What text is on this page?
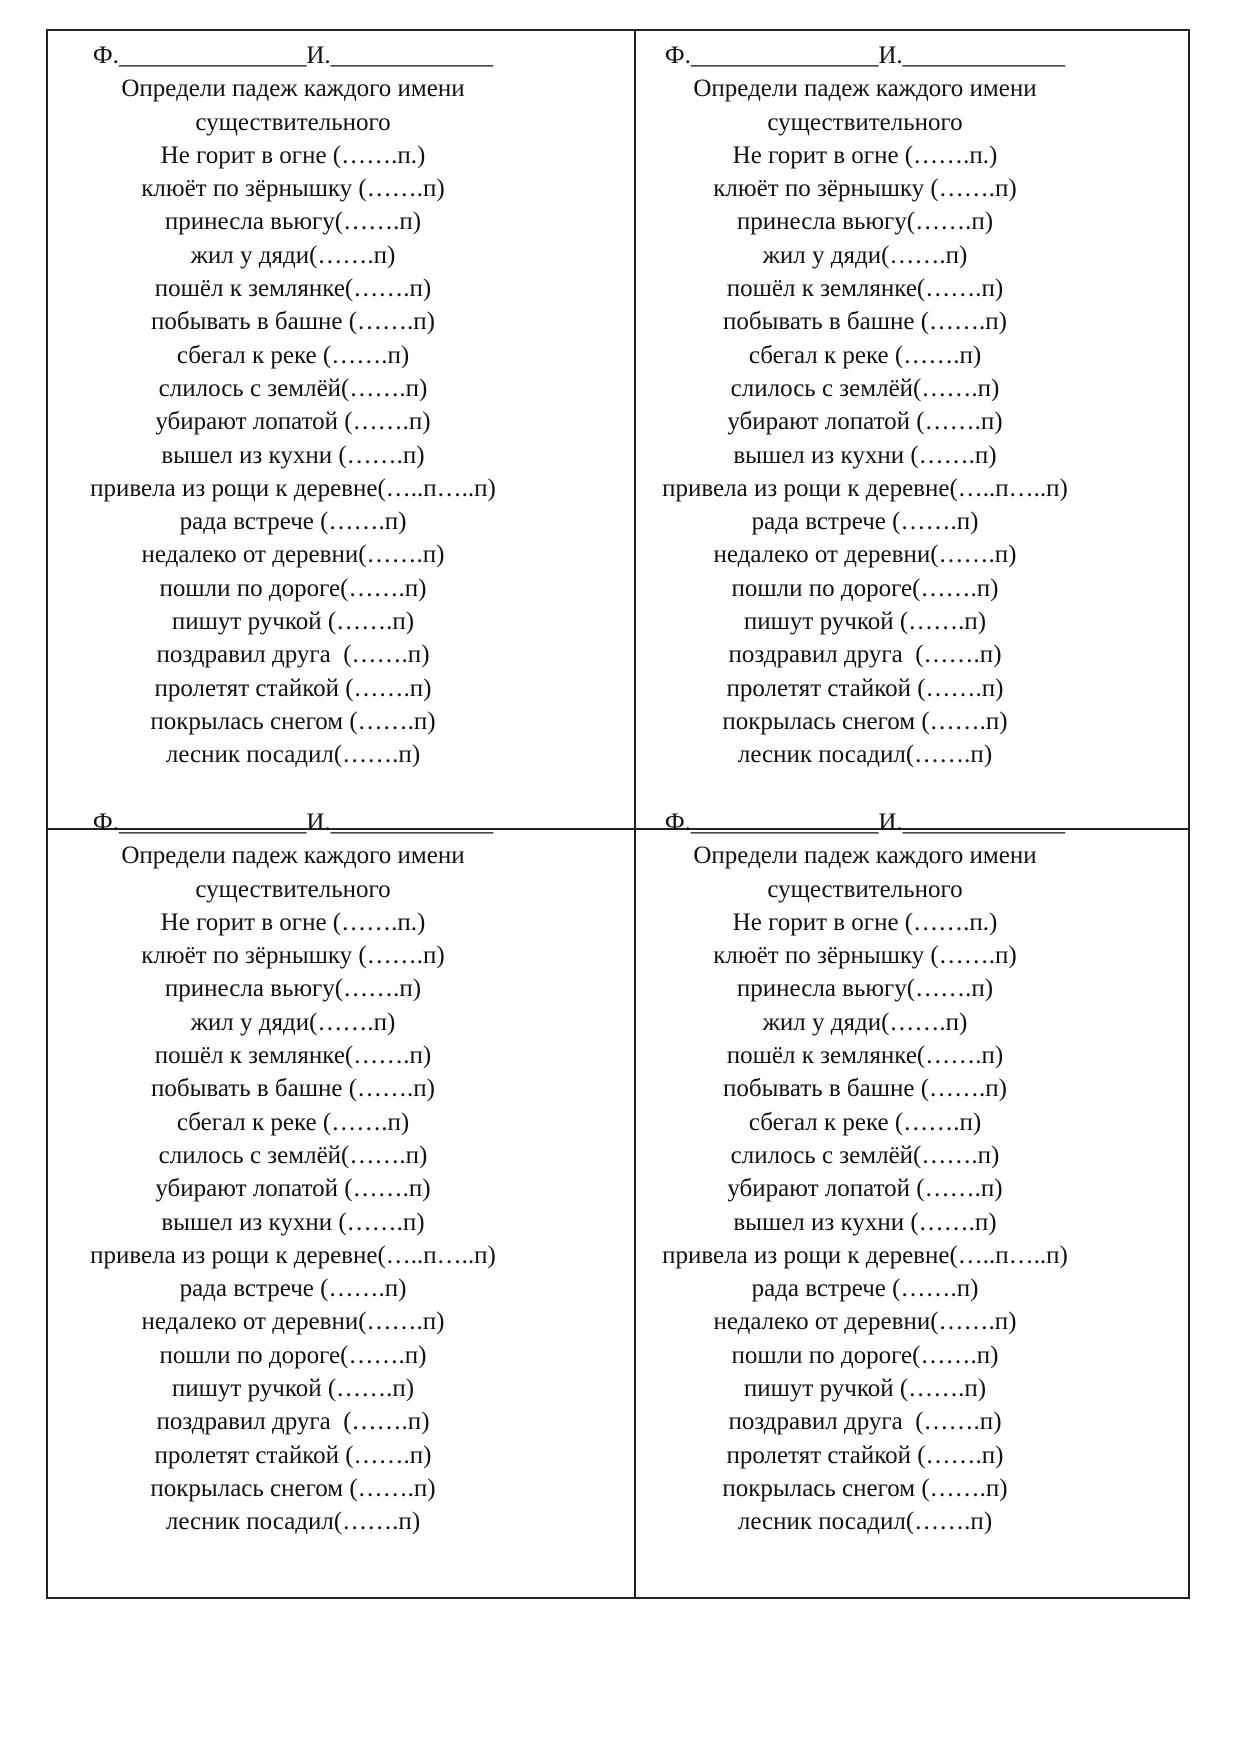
Ф._______________И._____________
Определи падеж каждого имени
существительного
Не горит в огне (…….п.)
клюёт по зёрнышку (…….п)
принесла вьюгу(…….п)
жил у дяди(…….п)
пошёл к землянке(…….п)
побывать в башне (…….п)
сбегал к реке (…….п)
слилось с землёй(…….п)
убирают лопатой (…….п)
вышел из кухни (…….п)
привела из рощи к деревне(…..п…..п)
рада встрече (…….п)
недалеко от деревни(…….п)
пошли по дороге(…….п)
пишут ручкой (…….п)
поздравил друга  (…….п)
пролетят стайкой (…….п)
покрылась снегом (…….п)
лесник посадил(…….п)
Ф._______________И._____________
Определи падеж каждого имени
существительного
Не горит в огне (…….п.)
клюёт по зёрнышку (…….п)
принесла вьюгу(…….п)
жил у дяди(…….п)
пошёл к землянке(…….п)
побывать в башне (…….п)
сбегал к реке (…….п)
слилось с землёй(…….п)
убирают лопатой (…….п)
вышел из кухни (…….п)
привела из рощи к деревне(…..п…..п)
рада встрече (…….п)
недалеко от деревни(…….п)
пошли по дороге(…….п)
пишут ручкой (…….п)
поздравил друга  (…….п)
пролетят стайкой (…….п)
покрылась снегом (…….п)
лесник посадил(…….п)
Ф._______________И._____________
Определи падеж каждого имени
существительного
Не горит в огне (…….п.)
клюёт по зёрнышку (…….п)
принесла вьюгу(…….п)
жил у дяди(…….п)
пошёл к землянке(…….п)
побывать в башне (…….п)
сбегал к реке (…….п)
слилось с землёй(…….п)
убирают лопатой (…….п)
вышел из кухни (…….п)
привела из рощи к деревне(…..п…..п)
рада встрече (…….п)
недалеко от деревни(…….п)
пошли по дороге(…….п)
пишут ручкой (…….п)
поздравил друга  (…….п)
пролетят стайкой (…….п)
покрылась снегом (…….п)
лесник посадил(…….п)
Ф._______________И._____________
Определи падеж каждого имени
существительного
Не горит в огне (…….п.)
клюёт по зёрнышку (…….п)
принесла вьюгу(…….п)
жил у дяди(…….п)
пошёл к землянке(…….п)
побывать в башне (…….п)
сбегал к реке (…….п)
слилось с землёй(…….п)
убирают лопатой (…….п)
вышел из кухни (…….п)
привела из рощи к деревне(…..п…..п)
рада встрече (…….п)
недалеко от деревни(…….п)
пошли по дороге(…….п)
пишут ручкой (…….п)
поздравил друга  (…….п)
пролетят стайкой (…….п)
покрылась снегом (…….п)
лесник посадил(…….п)
